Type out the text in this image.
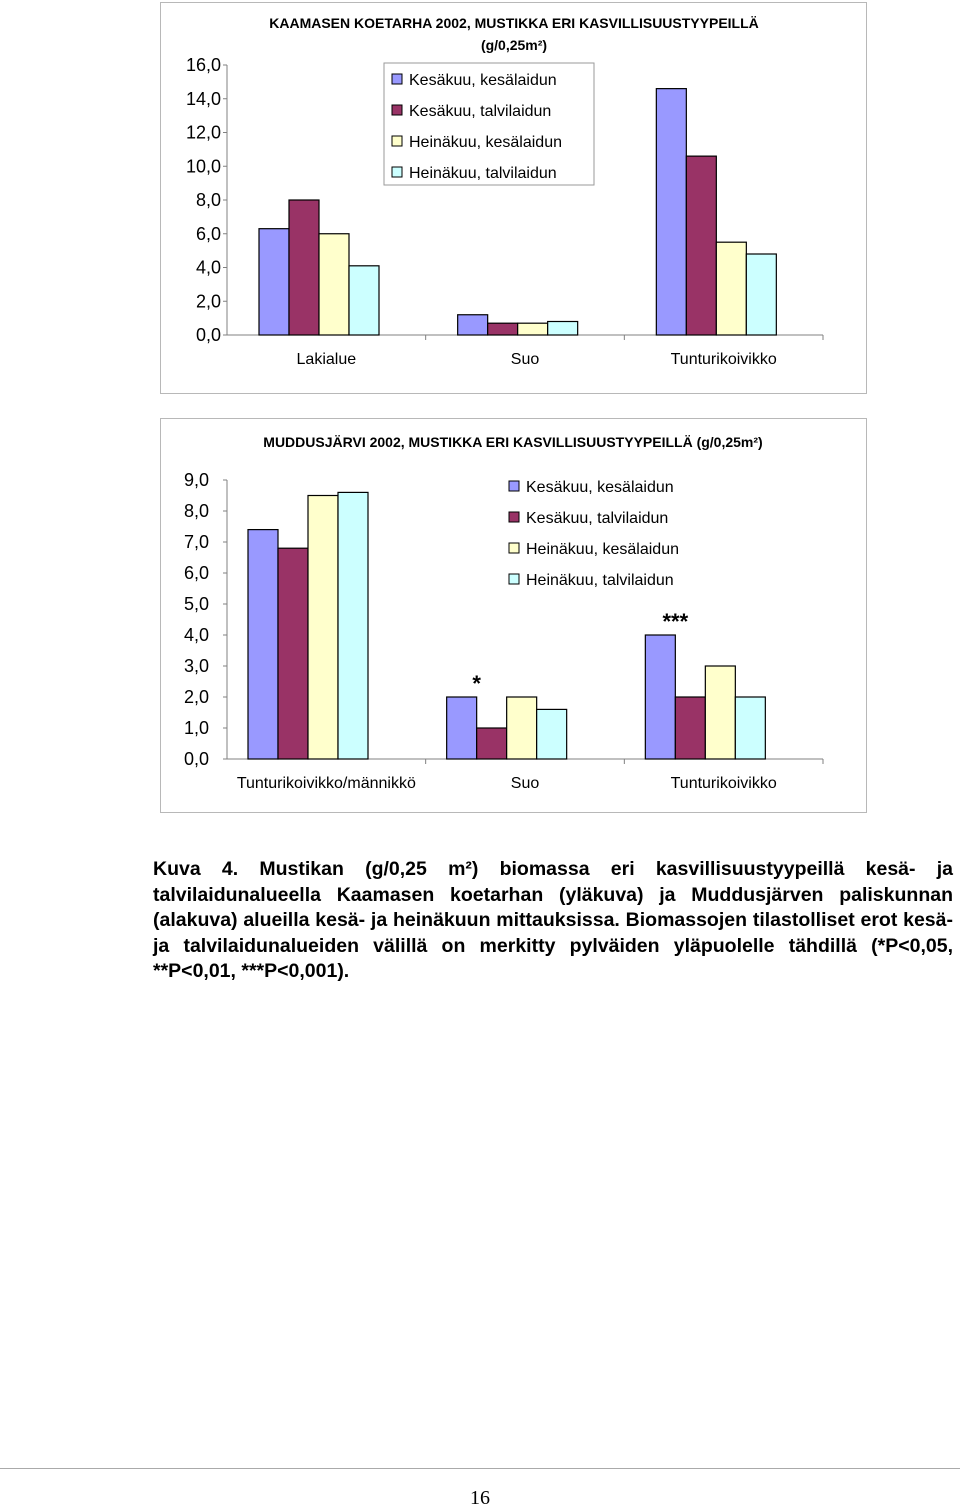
KAAMASEN KOETARHA 2002, MUSTIKKA ERI KASVILLISUUSTYYPEILLÄ
(g/0,25m²)
16,0
14,0
12,0
10,0
8,0
6,0
4,0
2,0
0,0
Lakialue	Suo	Tunturikoivikko
Kesäkuu, kesälaidun
Kesäkuu, talvilaidun
Heinäkuu, kesälaidun
Heinäkuu, talvilaidun
MUDDUSJÄRVI 2002, MUSTIKKA ERI KASVILLISUUSTYYPEILLÄ (g/0,25m²)
9,0
8,0
7,0
6,0
5,0
4,0
3,0
2,0
1,0
0,0
Tunturikoivikko/männikkö	Suo	Tunturikoivikko
*
***
Kesäkuu, kesälaidun
Kesäkuu, talvilaidun
Heinäkuu, kesälaidun
Heinäkuu, talvilaidun
Kuva 4. Mustikan (g/0,25 m²) biomassa eri kasvillisuustyypeillä kesä- ja talvilaidunalueella Kaamasen koetarhan (yläkuva) ja Muddusjärven paliskunnan (alakuva) alueilla kesä- ja heinäkuun mittauksissa. Biomassojen tilastolliset erot kesä- ja talvilaidunalueiden välillä on merkitty pylväiden yläpuolelle tähdillä (*P<0,05, **P<0,01, ***P<0,001).
16
